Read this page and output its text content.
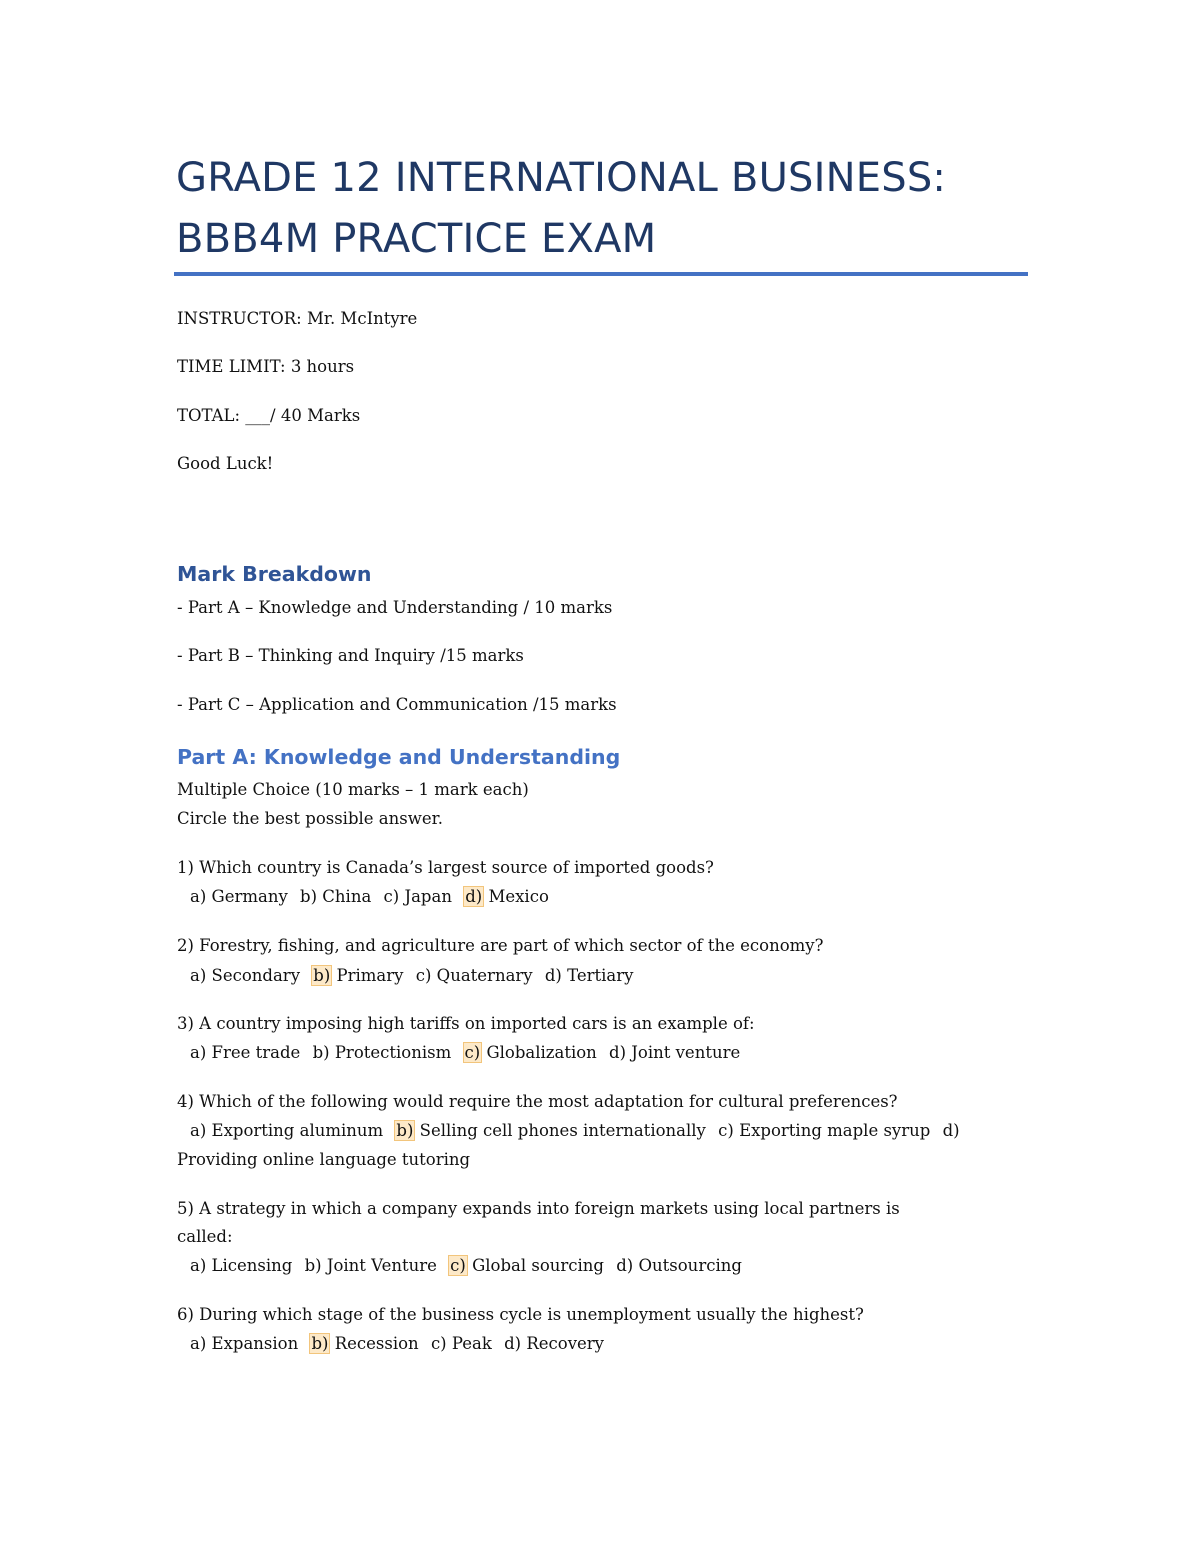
GRADE 12 INTERNATIONAL BUSINESS:
BBB4M PRACTICE EXAM
INSTRUCTOR: Mr. McIntyre
TIME LIMIT: 3 hours
TOTAL: ___/ 40 Marks
Good Luck!
Mark Breakdown
- Part A – Knowledge and Understanding / 10 marks
- Part B – Thinking and Inquiry /15 marks
- Part C – Application and Communication /15 marks
Part A: Knowledge and Understanding
Multiple Choice (10 marks – 1 mark each)
Circle the best possible answer.
1) Which country is Canada’s largest source of imported goods?
a) Germany b) China c) Japan d) Mexico
2) Forestry, fishing, and agriculture are part of which sector of the economy?
a) Secondary b) Primary c) Quaternary d) Tertiary
3) A country imposing high tariffs on imported cars is an example of:
a) Free trade b) Protectionism c) Globalization d) Joint venture
4) Which of the following would require the most adaptation for cultural preferences?
a) Exporting aluminum b) Selling cell phones internationally c) Exporting maple syrup d)
Providing online language tutoring
5) A strategy in which a company expands into foreign markets using local partners is
called:
a) Licensing b) Joint Venture c) Global sourcing d) Outsourcing
6) During which stage of the business cycle is unemployment usually the highest?
a) Expansion b) Recession c) Peak d) Recovery
